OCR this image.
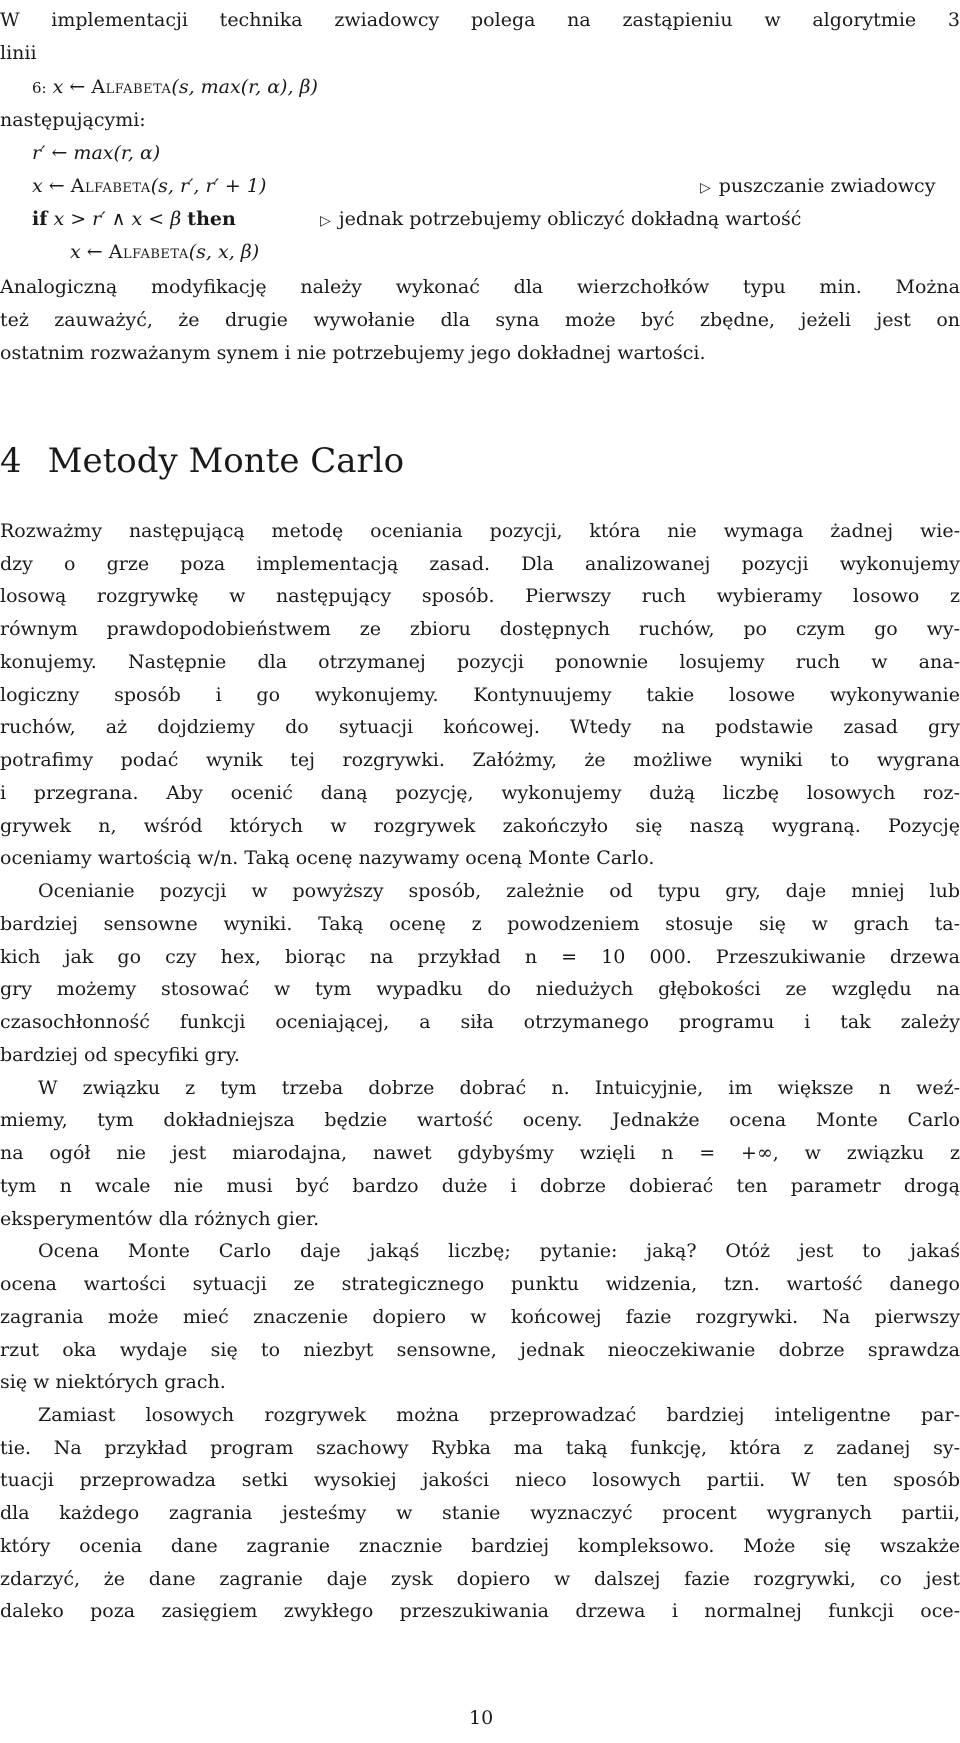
W implementacji technika zwiadowcy polega na zastąpieniu w algorytmie 3
linii
6: x ← Alfabeta(s, max(r, α), β)
następującymi:
r′ ← max(r, α)
x ← Alfabeta(s, r′, r′ + 1)	▷ puszczanie zwiadowcy
if x > r′ ∧ x < β then	▷ jednak potrzebujemy obliczyć dokładną wartość
x ← Alfabeta(s, x, β)
Analogiczną modyfikację należy wykonać dla wierzchołków typu min. Można
też zauważyć, że drugie wywołanie dla syna może być zbędne, jeżeli jest on
ostatnim rozważanym synem i nie potrzebujemy jego dokładnej wartości.
4 Metody Monte Carlo
Rozważmy następującą metodę oceniania pozycji, która nie wymaga żadnej wie-
dzy o grze poza implementacją zasad. Dla analizowanej pozycji wykonujemy
losową rozgrywkę w następujący sposób. Pierwszy ruch wybieramy losowo z
równym prawdopodobieństwem ze zbioru dostępnych ruchów, po czym go wy-
konujemy. Następnie dla otrzymanej pozycji ponownie losujemy ruch w ana-
logiczny sposób i go wykonujemy. Kontynuujemy takie losowe wykonywanie
ruchów, aż dojdziemy do sytuacji końcowej. Wtedy na podstawie zasad gry
potrafimy podać wynik tej rozgrywki. Załóżmy, że możliwe wyniki to wygrana
i przegrana. Aby ocenić daną pozycję, wykonujemy dużą liczbę losowych roz-
grywek n, wśród których w rozgrywek zakończyło się naszą wygraną. Pozycję
oceniamy wartością w/n. Taką ocenę nazywamy oceną Monte Carlo.
Ocenianie pozycji w powyższy sposób, zależnie od typu gry, daje mniej lub
bardziej sensowne wyniki. Taką ocenę z powodzeniem stosuje się w grach ta-
kich jak go czy hex, biorąc na przykład n = 10 000. Przeszukiwanie drzewa
gry możemy stosować w tym wypadku do niedużych głębokości ze względu na
czasochłonność funkcji oceniającej, a siła otrzymanego programu i tak zależy
bardziej od specyfiki gry.
W związku z tym trzeba dobrze dobrać n. Intuicyjnie, im większe n weź-
miemy, tym dokładniejsza będzie wartość oceny. Jednakże ocena Monte Carlo
na ogół nie jest miarodajna, nawet gdybyśmy wzięli n = +∞, w związku z
tym n wcale nie musi być bardzo duże i dobrze dobierać ten parametr drogą
eksperymentów dla różnych gier.
Ocena Monte Carlo daje jakąś liczbę; pytanie: jaką? Otóż jest to jakaś
ocena wartości sytuacji ze strategicznego punktu widzenia, tzn. wartość danego
zagrania może mieć znaczenie dopiero w końcowej fazie rozgrywki. Na pierwszy
rzut oka wydaje się to niezbyt sensowne, jednak nieoczekiwanie dobrze sprawdza
się w niektórych grach.
Zamiast losowych rozgrywek można przeprowadzać bardziej inteligentne par-
tie. Na przykład program szachowy Rybka ma taką funkcję, która z zadanej sy-
tuacji przeprowadza setki wysokiej jakości nieco losowych partii. W ten sposób
dla każdego zagrania jesteśmy w stanie wyznaczyć procent wygranych partii,
który ocenia dane zagranie znacznie bardziej kompleksowo. Może się wszakże
zdarzyć, że dane zagranie daje zysk dopiero w dalszej fazie rozgrywki, co jest
daleko poza zasięgiem zwykłego przeszukiwania drzewa i normalnej funkcji oce-
10
